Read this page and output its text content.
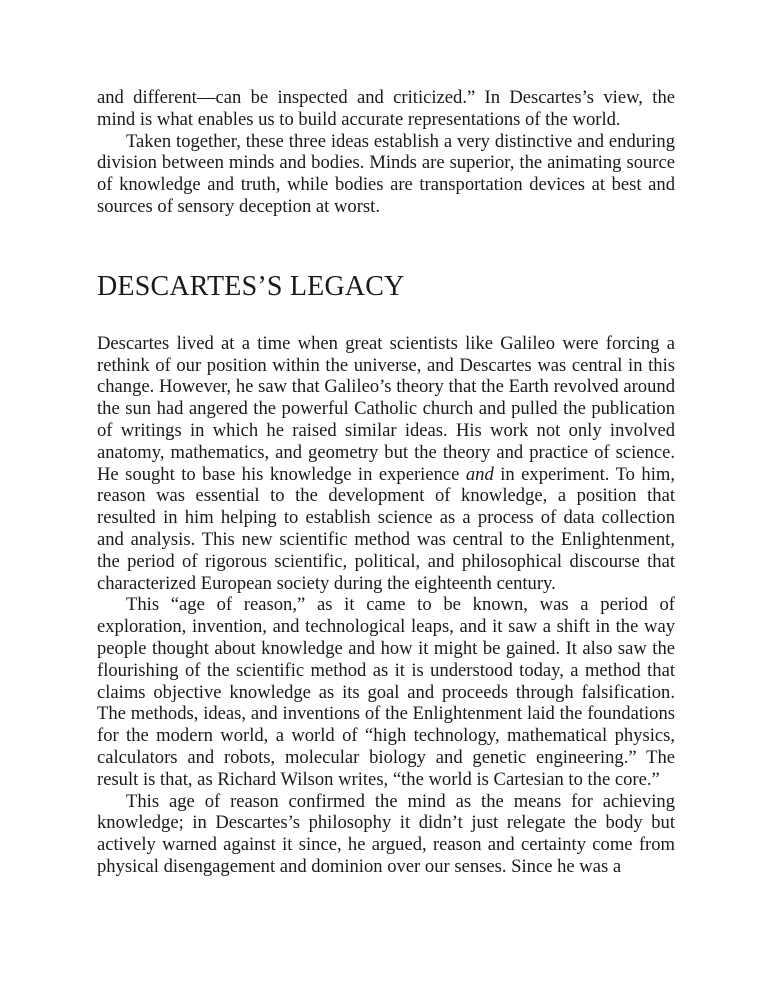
and different—can be inspected and criticized.” In Descartes’s view, the mind is what enables us to build accurate representations of the world.

Taken together, these three ideas establish a very distinctive and enduring division between minds and bodies. Minds are superior, the animating source of knowledge and truth, while bodies are transportation devices at best and sources of sensory deception at worst.

DESCARTES’S LEGACY

Descartes lived at a time when great scientists like Galileo were forcing a rethink of our position within the universe, and Descartes was central in this change. However, he saw that Galileo’s theory that the Earth revolved around the sun had angered the powerful Catholic church and pulled the publication of writings in which he raised similar ideas. His work not only involved anatomy, mathematics, and geometry but the theory and practice of science. He sought to base his knowledge in experience and in experiment. To him, reason was essential to the development of knowledge, a position that resulted in him helping to establish science as a process of data collection and analysis. This new scientific method was central to the Enlightenment, the period of rigorous scientific, political, and philosophical discourse that characterized European society during the eighteenth century.

This “age of reason,” as it came to be known, was a period of exploration, invention, and technological leaps, and it saw a shift in the way people thought about knowledge and how it might be gained. It also saw the flourishing of the scientific method as it is understood today, a method that claims objective knowledge as its goal and proceeds through falsification. The methods, ideas, and inventions of the Enlightenment laid the foundations for the modern world, a world of “high technology, mathematical physics, calculators and robots, molecular biology and genetic engineering.” The result is that, as Richard Wilson writes, “the world is Cartesian to the core.”

This age of reason confirmed the mind as the means for achieving knowledge; in Descartes’s philosophy it didn’t just relegate the body but actively warned against it since, he argued, reason and certainty come from physical disengagement and dominion over our senses. Since he was a
